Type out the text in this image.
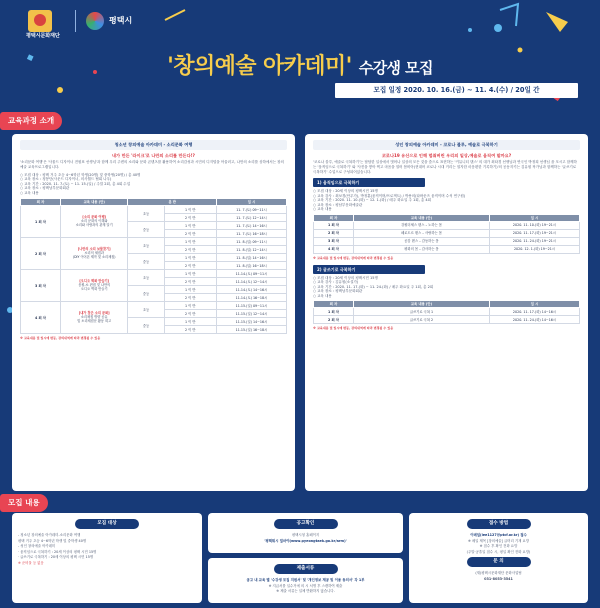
평택시문화재단
평택시
'창의예술 아카데미' 수강생 모집
모집 일정 2020. 10. 16.(금) ~ 11. 4.(수) / 20일 간
교육과정 소개
청소년 창의예술 아카데미 - 소리문화 여행
내가 만든 '라이크'로 나만의 소리를 만든다!?
'소리문화 여행'은 '사물드 디자이너 전원표 선생님'과 함께 우리 주변의 소리와 문화 콘텐츠를 활용하여 소리감성과 시민의 디지털을 아울러고, 나만의 소리를 상하에서는 창의예술 교육프로그램입니다.
○ 모집 대상 : 평택 거주 초등 4~6학년 학생(20명) 및 중학생(20명) / 총 40명
○ 교육 장소 : 청봉단(사운드 디자이너, 의사월드 협회 나우)
○ 교육 기간 : 2020. 11. 7.(토) ~ 11. 15.(일) / 주말 2회, 총 4회 수업
○ 교육 장소 : 평택남부문화회관
○ 교육 내용
회 차	교육 내용 (안)	분 반		일 시
1 회 차	[소리 문화 여행]
소리 문화의 이해와
소리와 사람과의 관계 알기	초등	1 이 반	11. 7.(토) 09~11시
			2 이 반	11. 7.(토) 12~14시
		중등	1 이 반	11. 7.(토) 14~16시
			2 이 반	11. 7.(토) 16~18시
2 회 차	[나만의 소리 보물찾기]
소리의 채집과
(DIY 이어폰 제작 및 소리채집)	초등	1 이 반	11. 8.(일) 09~11시
			2 이 반	11. 8.(일) 12~14시
		중등	1 이 반	11. 8.(일) 14~16시
			2 이 반	11. 8.(일) 16~18시
3 회 차	[오디오 벽화 만들기]
음원-소 편집 및 나만의
오디오 벽화 만들기	초등	1 이 반	11.14.(토) 09~11시
			2 이 반	11.14.(토) 12~14시
		중등	1 이 반	11.14.(토) 14~16시
			2 이 반	11.14.(토) 16~18시
4 회 차	[내가 찾은 소리 문화]
소리채집 방향 공유
및 소리채집문 활동 회고	초등	1 이 반	11.15.(일) 09~11시
			2 이 반	11.15.(일) 12~14시
		중등	1 이 반	11.15.(일) 14~16시
			2 이 반	11.15.(일) 16~18시
※ 교육내용 및 일시에 변동, 강의내역에 따라 변경될 수 있음
성인 창의예술 아카데미 - 코로나 블루, 예술로 극복하기
코로나19 유산으로 인해 멈춰버린 우리의 일상,예술로 움직여 말까요?
'코로나 블루, 예술로 극복하기'는 답답한 일상에서 벗어나 일상의 모든 것을 춤으로 표현하는 '커뮤니티 댄스' 의 대가 최타경 선생님과 연극인 박정희 선생님 을 모시고 함께하는 '움직임으로 극복하기' 와 '사진을 쌓아 찍고 마음을 열어 봄비아(현대어 코로나 시대 거리는 열자한 마음편한 기록하기)'의 공동지키는 김유원 작가님과 함께하는 '글쓰기로 극복하기' 수업으로 구성되어있습니다.
1) 움직임으로 극복하기
○ 모집 대상 : 20세 이상의 평택시민 15명
○ 교육 강사 : 최보경(안무가), 박정훈(움직이며/프로젝트) / 박용의(타바운즈 움직이며 수석 연구원)
○ 교육 기간 : 2020. 11. 10.(화) ~ 12. 1.(화) / 매주 화요일 주 1회, 총 4회
○ 교육 장소 : 평남부문화예술관
○ 교육 내용
회 차	교육 내용 (안)	일 시
1 회 차	강원더체스 댄스 – 노하는 몸	2020. 11. 10.(화) 19~21시
2 회 차	페로도르 댄스 – 사랑하는 몸	2020. 11. 17.(화) 19~21시
3 회 차	공감 댄스 – 감동하는 몸	2020. 11. 24.(화) 19~21시
4 회 차	평화의 몸 – 감사하는 몸	2020. 12. 1.(화) 19~21시
※ 교육내용 및 일시에 변동, 강의내역에 따라 변경될 수 있음
2) 글쓰기로 극복하기
○ 모집 대상 : 20세 이상의 평택시민 15명
○ 교육 강사 : 김유원(소설가)
○ 교육 기간 : 2020. 11. 17.(화) ~ 11. 24.(화) / 매주 화요일 주 1회, 총 2회
○ 교육 장소 : 평택남부문화회관
○ 교육 내용
회 차	교육 내용 (안)	일 시
1 회 차	글쓰기로 극복 1	2020. 11. 17.(화) 14~16시
2 회 차	글쓰기로 극복 2	2020. 11. 24.(화) 14~16시
※ 교육내용 및 일시에 변동, 강의내역에 따라 변경될 수 있음
모집 내용
모집 대상

- 청소년 창의예술 아카데미-소리문화 여행

평택 거주 초등 4~6학년 학생 및 중학생 40명

- 성인 창의예술 아카데미

· 움직임으로 극복하기 : 20세 이상의 평택 시민 15명

· 글쓰기로 극복하기 : 20세 이상의 평택 시민 15명

※ 준비물 등 없음

공고확인

평택시청 홈페이지

'평택뭐시 얼마야(www.pyeongtaek.go.kr/arm)'

제출서류

공고 내 교육 별 '수강생 모집 지원서' 및 '개인정보 제공 및 이용 동의서' 각 1부

※ 지급서를 일수거에 의 시 서명 후 스캔하여 제출

※ 제출 서류는 일체 반환하지 않습니다.

접수 방법

이메일(lee1127@ptcf.or.kr) 접수

※ 메일 제목 [창의예술] 글머리 기재 요망

※ 접수 후 확인 전화 요망

(주말·공휴일 접수 시, 평일 확인 전화 요망)

문 의

(재)평택시문화재단 문화사업팀

031-8053-3541
